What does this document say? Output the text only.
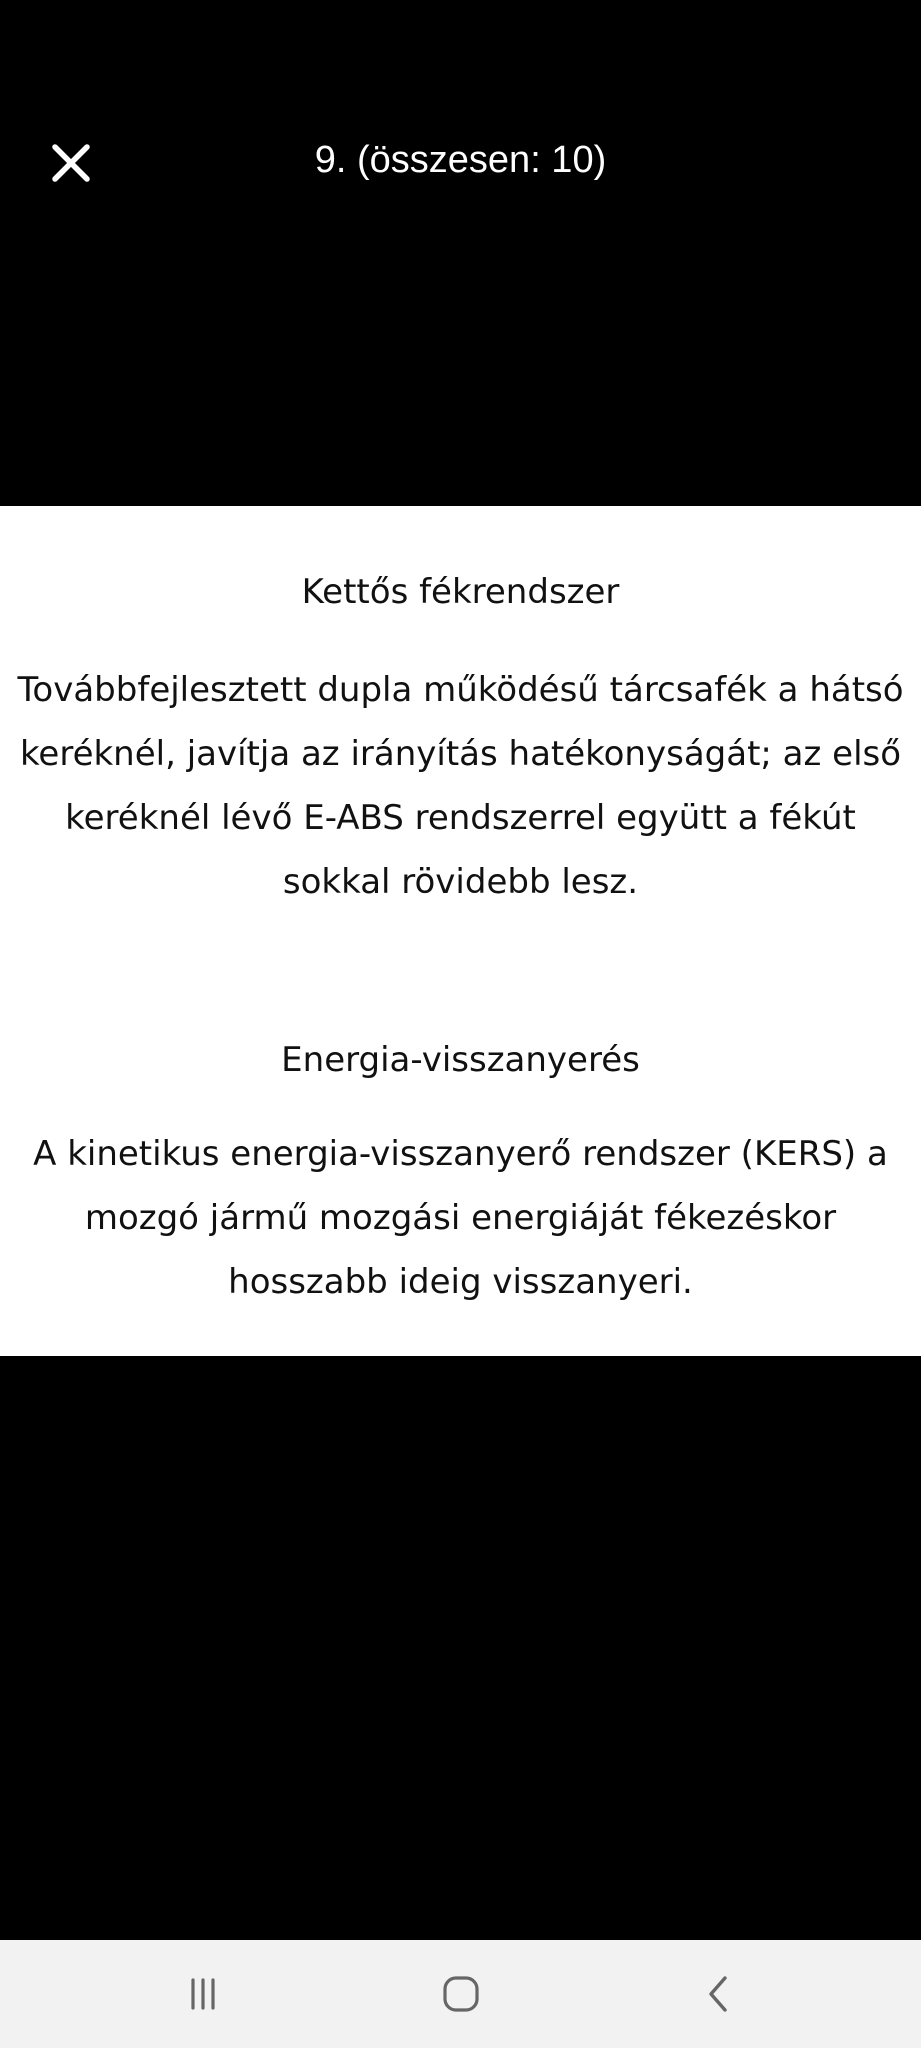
9. (összesen: 10)
Kettős fékrendszer
Továbbfejlesztett dupla működésű tárcsafék a hátsó
keréknél, javítja az irányítás hatékonyságát; az első
keréknél lévő E-ABS rendszerrel együtt a fékút
sokkal rövidebb lesz.
Energia-visszanyerés
A kinetikus energia-visszanyerő rendszer (KERS) a
mozgó jármű mozgási energiáját fékezéskor
hosszabb ideig visszanyeri.
